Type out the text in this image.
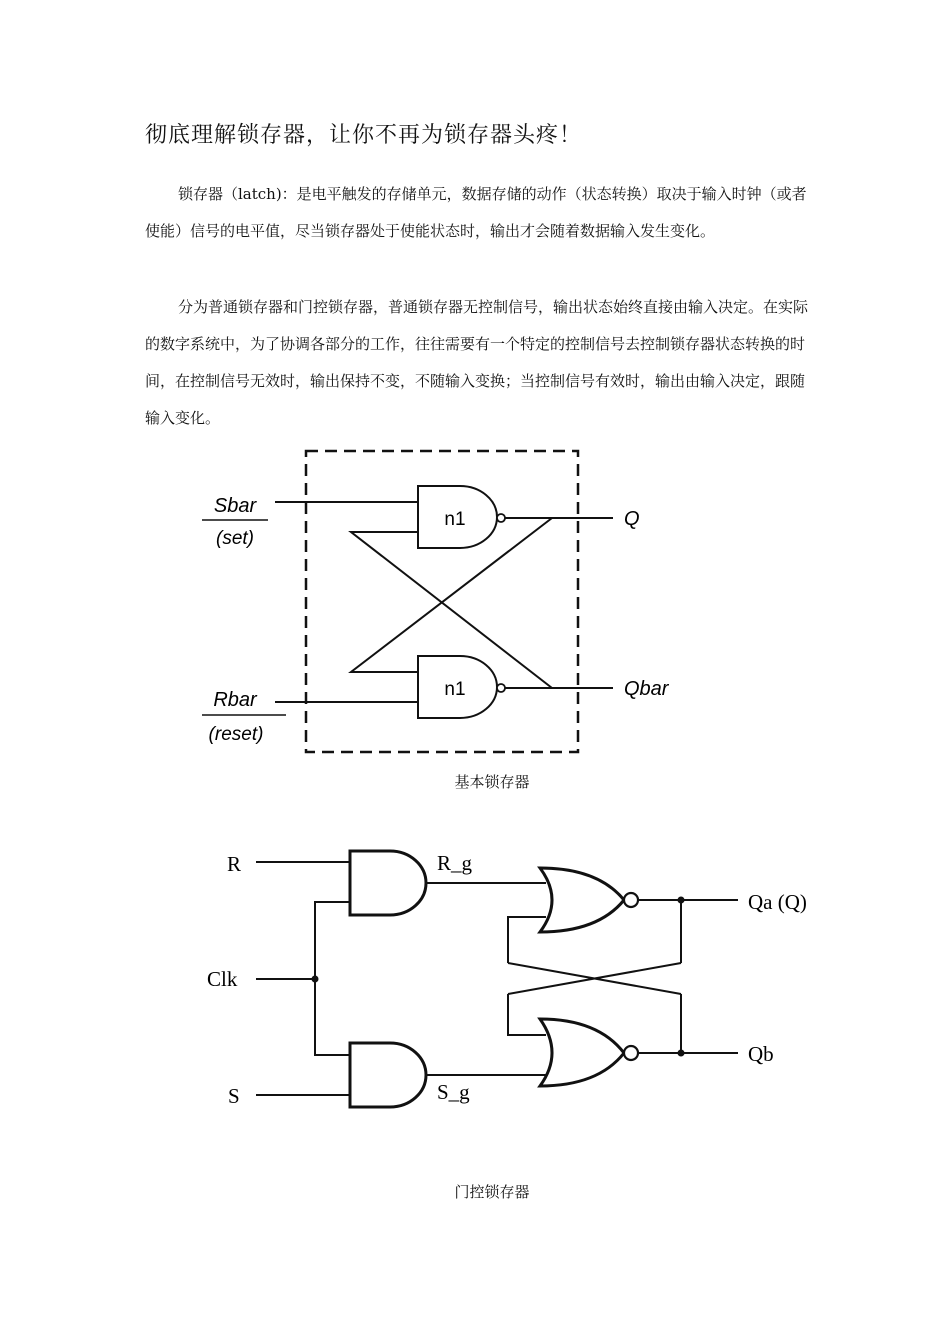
彻底理解锁存器，让你不再为锁存器头疼！
锁存器（latch)：是电平触发的存储单元，数据存储的动作（状态转换）取决于输入时钟（或者使能）信号的电平值，尽当锁存器处于使能状态时，输出才会随着数据输入发生变化。
分为普通锁存器和门控锁存器，普通锁存器无控制信号，输出状态始终直接由输入决定。在实际的数字系统中，为了协调各部分的工作，往往需要有一个特定的控制信号去控制锁存器状态转换的时间，在控制信号无效时，输出保持不变，不随输入变换；当控制信号有效时，输出由输入决定，跟随输入变化。
Sbar
(set)
Rbar
(reset)
n1
n1
Q
Qbar
基本锁存器
R
Clk
S
R_g
S_g
Qa (Q)
Qb
门控锁存器
